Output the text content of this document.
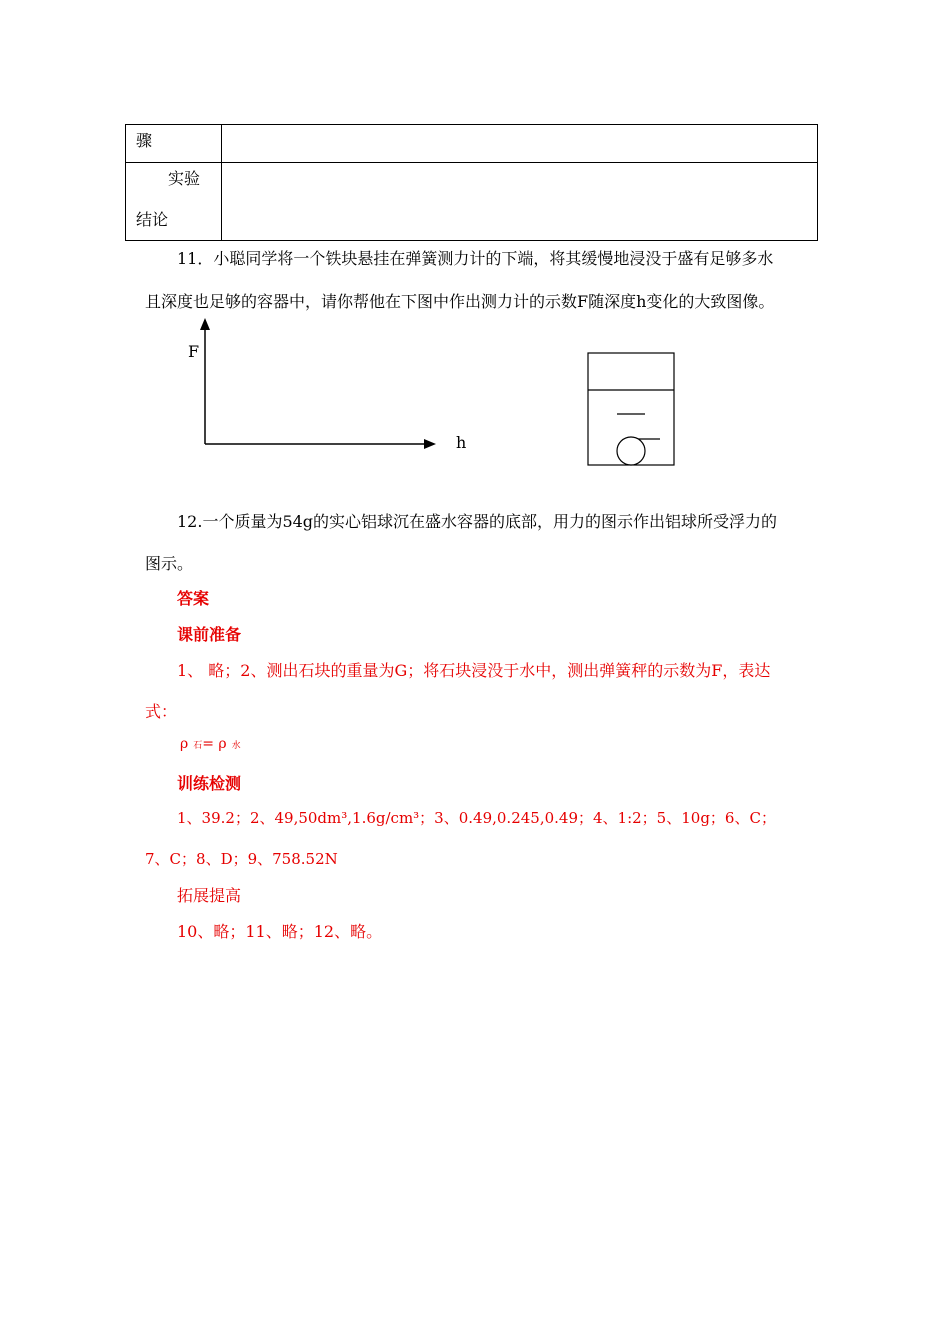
骤
实验
结论
11．小聪同学将一个铁块悬挂在弹簧测力计的下端，将其缓慢地浸没于盛有足够多水
且深度也足够的容器中，请你帮他在下图中作出测力计的示数F随深度h变化的大致图像。
F
h
12.一个质量为54g的实心铝球沉在盛水容器的底部，用力的图示作出铝球所受浮力的
图示。
答案
课前准备
1、 略；2、测出石块的重量为G；将石块浸没于水中，测出弹簧秤的示数为F，表达
式：
ρ石= ρ 水
训练检测
1、39.2；2、49,50dm³,1.6g/cm³；3、0.49,0.245,0.49；4、1:2；5、10g；6、C；
7、C；8、D；9、758.52N
拓展提高
10、略；11、略；12、略。
